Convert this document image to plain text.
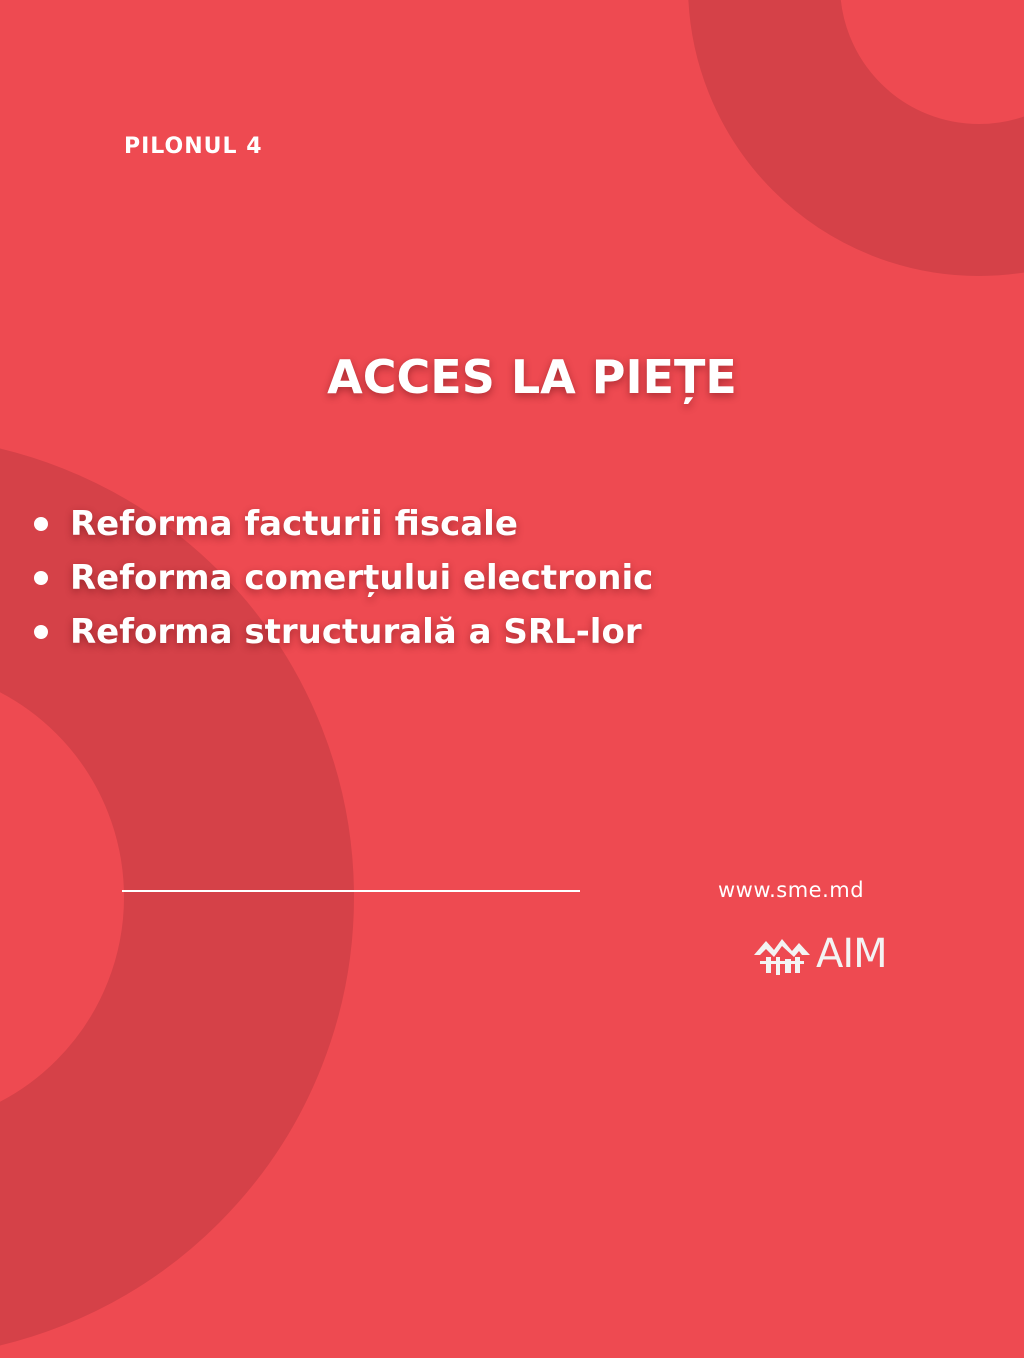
PILONUL 4
ACCES LA PIEȚE
Reforma facturii fiscale
Reforma comerțului electronic
Reforma structurală a SRL-lor
www.sme.md
AIM
